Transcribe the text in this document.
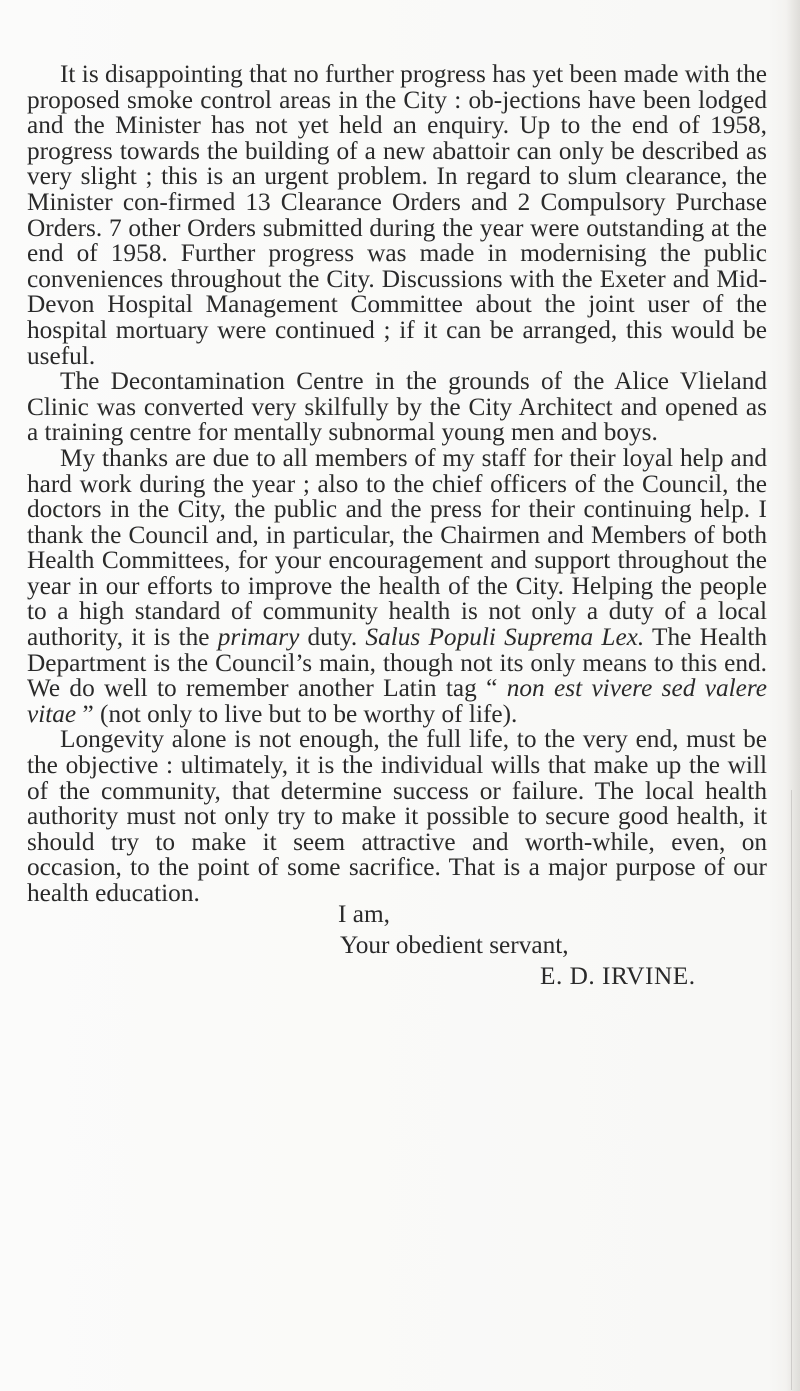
It is disappointing that no further progress has yet been made with the proposed smoke control areas in the City : ob-jections have been lodged and the Minister has not yet held an enquiry. Up to the end of 1958, progress towards the building of a new abattoir can only be described as very slight ; this is an urgent problem. In regard to slum clearance, the Minister con-firmed 13 Clearance Orders and 2 Compulsory Purchase Orders. 7 other Orders submitted during the year were outstanding at the end of 1958. Further progress was made in modernising the public conveniences throughout the City. Discussions with the Exeter and Mid-Devon Hospital Management Committee about the joint user of the hospital mortuary were continued ; if it can be arranged, this would be useful.

The Decontamination Centre in the grounds of the Alice Vlieland Clinic was converted very skilfully by the City Architect and opened as a training centre for mentally subnormal young men and boys.

My thanks are due to all members of my staff for their loyal help and hard work during the year ; also to the chief officers of the Council, the doctors in the City, the public and the press for their continuing help. I thank the Council and, in particular, the Chairmen and Members of both Health Committees, for your encouragement and support throughout the year in our efforts to improve the health of the City. Helping the people to a high standard of community health is not only a duty of a local authority, it is the primary duty. Salus Populi Suprema Lex. The Health Department is the Council’s main, though not its only means to this end. We do well to remember another Latin tag “ non est vivere sed valere vitae ” (not only to live but to be worthy of life).

Longevity alone is not enough, the full life, to the very end, must be the objective : ultimately, it is the individual wills that make up the will of the community, that determine success or failure. The local health authority must not only try to make it possible to secure good health, it should try to make it seem attractive and worth-while, even, on occasion, to the point of some sacrifice. That is a major purpose of our health education.

I am,
Your obedient servant,
E. D. IRVINE.
